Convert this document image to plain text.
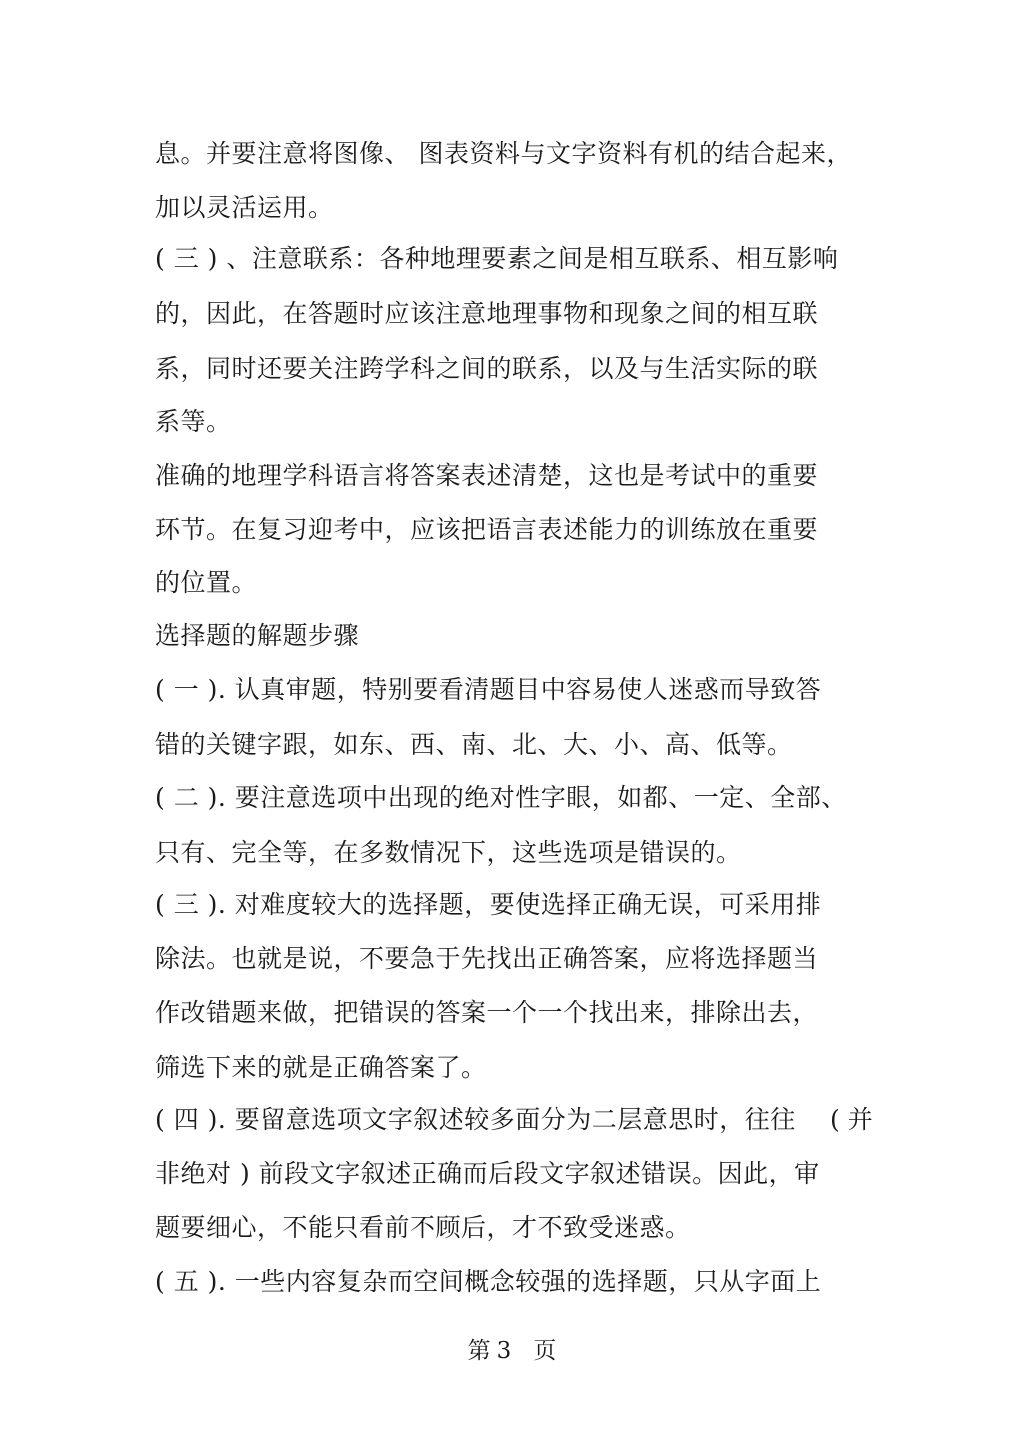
息。并要注意将图像、 图表资料与文字资料有机的结合起来，
加以灵活运用。
( 三 ) 、注意联系：各种地理要素之间是相互联系、相互影响
的，因此，在答题时应该注意地理事物和现象之间的相互联
系，同时还要关注跨学科之间的联系，以及与生活实际的联
系等。
准确的地理学科语言将答案表述清楚，这也是考试中的重要
环节。在复习迎考中，应该把语言表述能力的训练放在重要
的位置。
选择题的解题步骤
( 一 ). 认真审题，特别要看清题目中容易使人迷惑而导致答
错的关键字跟，如东、西、南、北、大、小、高、低等。
( 二 ). 要注意选项中出现的绝对性字眼，如都、一定、全部、
只有、完全等，在多数情况下，这些选项是错误的。
( 三 ). 对难度较大的选择题，要使选择正确无误，可采用排
除法。也就是说，不要急于先找出正确答案，应将选择题当
作改错题来做，把错误的答案一个一个找出来，排除出去，
筛选下来的就是正确答案了。
( 四 ). 要留意选项文字叙述较多面分为二层意思时，往往 ( 并
非绝对 ) 前段文字叙述正确而后段文字叙述错误。因此，审
题要细心，不能只看前不顾后，才不致受迷惑。
( 五 ). 一些内容复杂而空间概念较强的选择题，只从字面上
第 3 页
